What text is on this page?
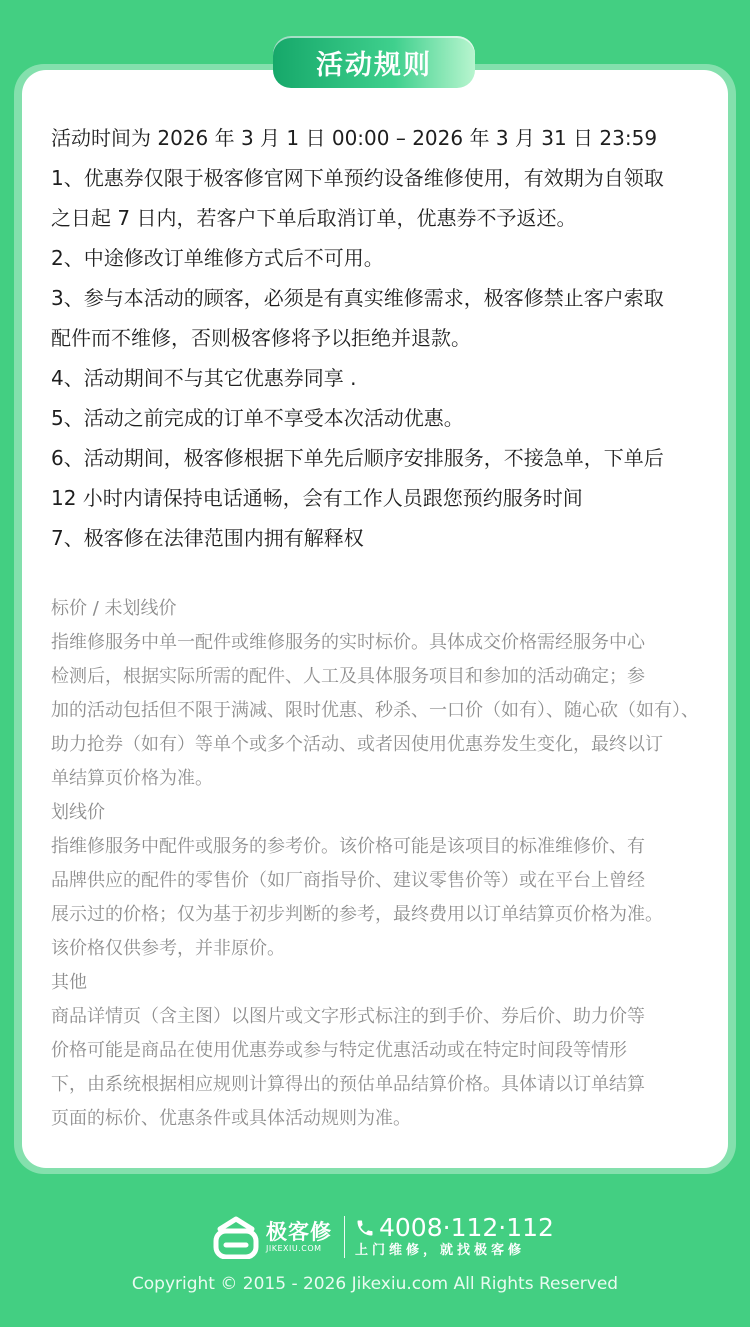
活动规则

活动时间为 2026 年 3 月 1 日 00:00 – 2026 年 3 月 31 日 23:59

1、优惠券仅限于极客修官网下单预约设备维修使用，有效期为自领取

之日起 7 日内，若客户下单后取消订单，优惠券不予返还。

2、中途修改订单维修方式后不可用。

3、参与本活动的顾客，必须是有真实维修需求，极客修禁止客户索取

配件而不维修，否则极客修将予以拒绝并退款。

4、活动期间不与其它优惠券同享 .

5、活动之前完成的订单不享受本次活动优惠。

6、活动期间，极客修根据下单先后顺序安排服务，不接急单，下单后

12 小时内请保持电话通畅，会有工作人员跟您预约服务时间

7、极客修在法律范围内拥有解释权

标价 / 未划线价

指维修服务中单一配件或维修服务的实时标价。具体成交价格需经服务中心

检测后，根据实际所需的配件、人工及具体服务项目和参加的活动确定；参

加的活动包括但不限于满减、限时优惠、秒杀、一口价（如有）、随心砍（如有）、

助力抢券（如有）等单个或多个活动、或者因使用优惠券发生变化，最终以订

单结算页价格为准。

划线价

指维修服务中配件或服务的参考价。该价格可能是该项目的标准维修价、有

品牌供应的配件的零售价（如厂商指导价、建议零售价等）或在平台上曾经

展示过的价格；仅为基于初步判断的参考，最终费用以订单结算页价格为准。

该价格仅供参考，并非原价。

其他

商品详情页（含主图）以图片或文字形式标注的到手价、券后价、助力价等

价格可能是商品在使用优惠券或参与特定优惠活动或在特定时间段等情形

下，由系统根据相应规则计算得出的预估单品结算价格。具体请以订单结算

页面的标价、优惠条件或具体活动规则为准。

极客修
JIKEXIU.COM
4008·112·112
上门维修，就找极客修
Copyright © 2015 - 2026 Jikexiu.com All Rights Reserved
